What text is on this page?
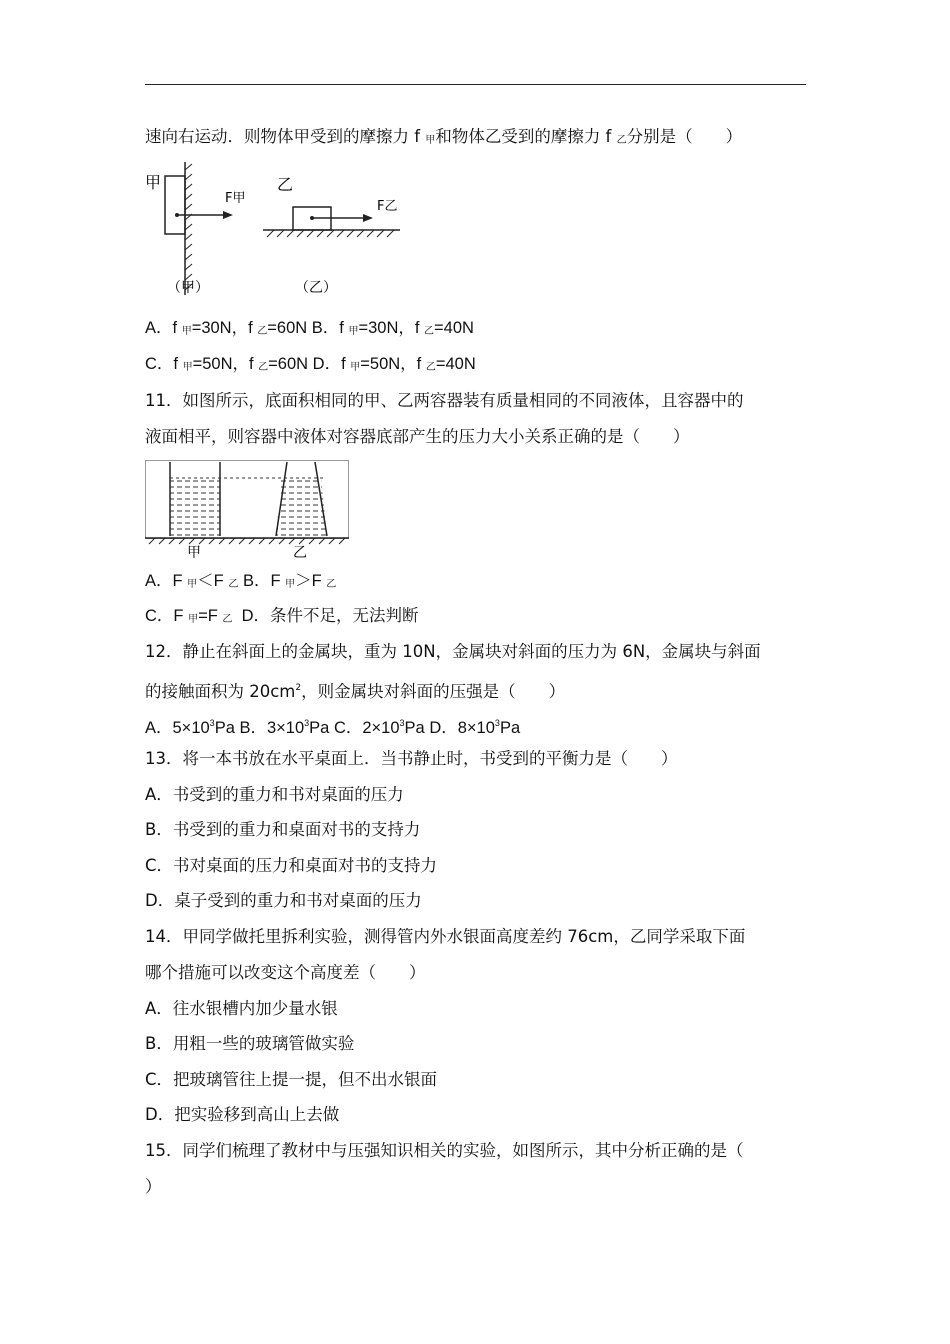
速向右运动．则物体甲受到的摩擦力 f $_甲$和物体乙受到的摩擦力 f $_乙$分别是（　　）
甲
F甲
乙
F乙
（甲）	（乙）
A．f $_甲$=30N，f $_乙$=60N B．f $_甲$=30N，f $_乙$=40N
C．f $_甲$=50N，f $_乙$=60N D．f $_甲$=50N，f $_乙$=40N
11．如图所示，底面积相同的甲、乙两容器装有质量相同的不同液体，且容器中的
液面相平，则容器中液体对容器底部产生的压力大小关系正确的是（　　）
甲	乙
A．F $_甲$＜F $_乙$ B．F $_甲$＞F $_乙$
C．F $_甲$=F $_乙$ D．条件不足，无法判断
12．静止在斜面上的金属块，重为 10N，金属块对斜面的压力为 6N，金属块与斜面
的接触面积为 $20cm^2$，则金属块对斜面的压强是（　　）
A．$5\times 10^3Pa$ B．$3\times 10^3Pa$ C．$2\times 10^3Pa$ D．$8\times 10^3Pa$
13．将一本书放在水平桌面上．当书静止时，书受到的平衡力是（　　）
A．书受到的重力和书对桌面的压力
B．书受到的重力和桌面对书的支持力
C．书对桌面的压力和桌面对书的支持力
D．桌子受到的重力和书对桌面的压力
14．甲同学做托里拆利实验，测得管内外水银面高度差约 76cm，乙同学采取下面
哪个措施可以改变这个高度差（　　）
A．往水银槽内加少量水银
B．用粗一些的玻璃管做实验
C．把玻璃管往上提一提，但不出水银面
D．把实验移到高山上去做
15．同学们梳理了教材中与压强知识相关的实验，如图所示，其中分析正确的是（
）
